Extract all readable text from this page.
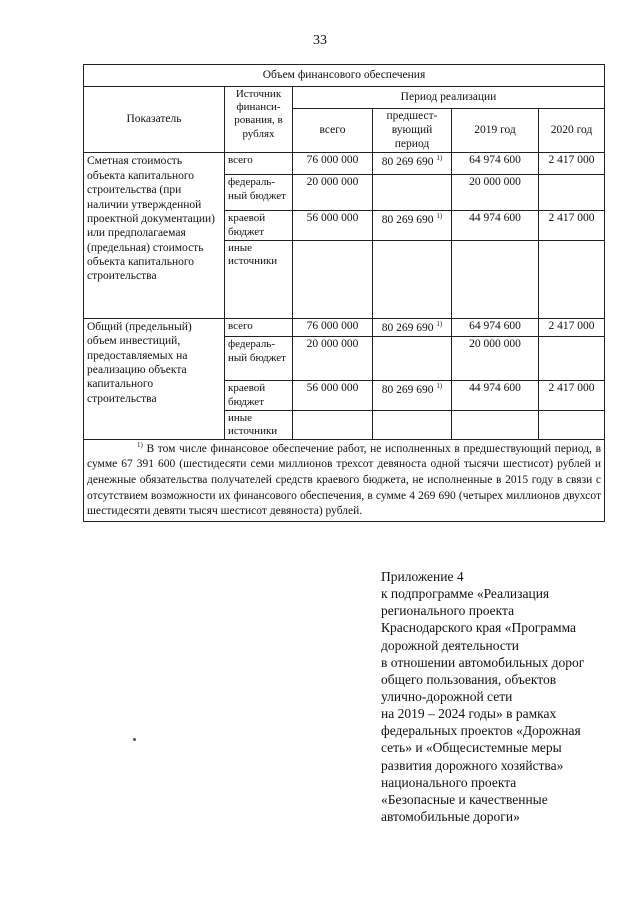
33
Объем финансового обеспечения					
Показатель	Источник финанси-рования, в рублях	Период реализации			
		всего	предшест-вующий период	2019 год	2020 год
Сметная стоимость объекта капитального строительства (при наличии утвержденной проектной документации) или предполагаемая (предельная) стоимость объекта капитального строительства	всего	76 000 000	80 269 690 $^{1)}$	64 974 600	2 417 000
	федераль-ный бюджет	20 000 000		20 000 000	
	краевой бюджет	56 000 000	80 269 690 $^{1)}$	44 974 600	2 417 000
	иные источники				
Общий (предельный) объем инвестиций, предоставляемых на реализацию объекта капитального строительства	всего	76 000 000	80 269 690 $^{1)}$	64 974 600	2 417 000
	федераль-ный бюджет	20 000 000		20 000 000	
	краевой бюджет	56 000 000	80 269 690 $^{1)}$	44 974 600	2 417 000
	иные источники				
$^{1)}$ В том числе финансовое обеспечение работ, не исполненных в предшествующий период, в сумме 67 391 600 (шестидесяти семи миллионов трехсот девяноста одной тысячи шестисот) рублей и денежные обязательства получателей средств краевого бюджета, не исполненные в 2015 году в связи с отсутствием возможности их финансового обеспечения, в сумме 4 269 690 (четырех миллионов двухсот шестидесяти девяти тысяч шестисот девяноста) рублей.					
Приложение 4
к подпрограмме «Реализация
регионального проекта
Краснодарского края «Программа
дорожной деятельности
в отношении автомобильных дорог
общего пользования, объектов
улично-дорожной сети
на 2019 – 2024 годы» в рамках
федеральных проектов «Дорожная
сеть» и «Общесистемные меры
развития дорожного хозяйства»
национального проекта
«Безопасные и качественные
автомобильные дороги»
